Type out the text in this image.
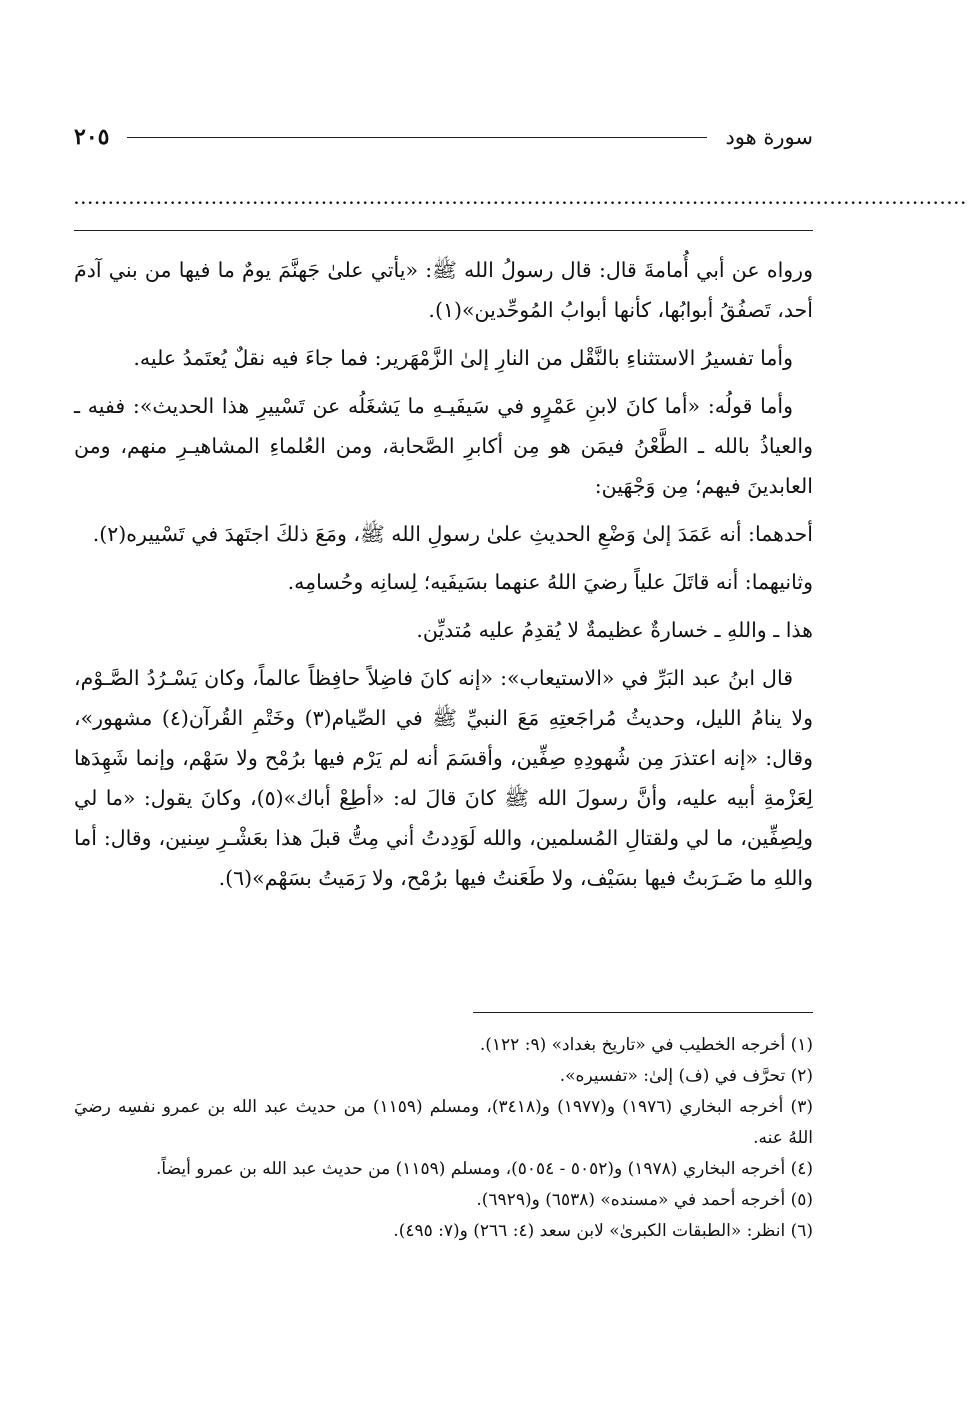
سورة هود
٢٠٥
..................................................................................................................................

ورواه عن أبي أُمامةَ قال: قال رسولُ الله ﷺ: «يأتي علىٰ جَهنَّمَ يومٌ ما فيها من بني آدمَ أحد، تَصفُقُ أبوابُها، كأنها أبوابُ المُوحِّدين»(١).

وأما تفسيرُ الاستثناءِ بالنَّقْل من النارِ إلىٰ الزَّمْهَرير: فما جاءَ فيه نقلٌ يُعتَمدُ عليه.

وأما قولُه: «أما كانَ لابنِ عَمْرٍو في سَيفَيـهِ ما يَشغَلُه عن تَسْييرِ هذا الحديث»: ففيه ـ والعياذُ بالله ـ الطَّعْنُ فيمَن هو مِن أكابرِ الصَّحابة، ومن العُلماءِ المشاهيـرِ منهم، ومن العابدينَ فيهم؛ مِن وَجْهَين:

أحدهما: أنه عَمَدَ إلىٰ وَضْعِ الحديثِ علىٰ رسولِ الله ﷺ، ومَعَ ذلكَ اجتَهدَ في تَسْييره(٢).

وثانيهما: أنه قاتَلَ علياً رضيَ اللهُ عنهما بسَيفَيه؛ لِسانِه وحُسامِه.

هذا ـ واللهِ ـ خسارةٌ عظيمةٌ لا يُقدِمُ عليه مُتديِّن.

قال ابنُ عبد البَرِّ في «الاستيعاب»: «إنه كانَ فاضِلاً حافِظاً عالماً، وكان يَسْـرُدُ الصَّـوْم، ولا ينامُ الليل، وحديثُ مُراجَعتِهِ مَعَ النبيِّ ﷺ في الصِّيام(٣) وخَتْمِ القُرآن(٤) مشهور»، وقال: «إنه اعتذرَ مِن شُهودِهِ صِفِّين، وأقسَمَ أنه لم يَرْم فيها برُمْح ولا سَهْم، وإنما شَهِدَها لِعَزْمةِ أبيه عليه، وأنَّ رسولَ الله ﷺ كانَ قالَ له: «أطِعْ أباك»(٥)، وكانَ يقول: «ما لي ولِصِفِّين، ما لي ولقتالِ المُسلمين، والله لَوَدِدتُ أني مِتُّ قبلَ هذا بعَشْـرِ سِنين، وقال: أما واللهِ ما ضَـرَبتُ فيها بسَيْف، ولا طَعَنتُ فيها برُمْح، ولا رَمَيتُ بسَهْم»(٦).

(١) أخرجه الخطيب في «تاريخ بغداد» (٩: ١٢٢).

(٢) تحرَّف في (ف) إلىٰ: «تفسيره».

(٣) أخرجه البخاري (١٩٧٦) و(١٩٧٧) و(٣٤١٨)، ومسلم (١١٥٩) من حديث عبد الله بن عمرو نفسِه رضيَ اللهُ عنه.

(٤) أخرجه البخاري (١٩٧٨) و(٥٠٥٢ - ٥٠٥٤)، ومسلم (١١٥٩) من حديث عبد الله بن عمرو أيضاً.

(٥) أخرجه أحمد في «مسنده» (٦٥٣٨) و(٦٩٢٩).

(٦) انظر: «الطبقات الكبرىٰ» لابن سعد (٤: ٢٦٦) و(٧: ٤٩٥).
